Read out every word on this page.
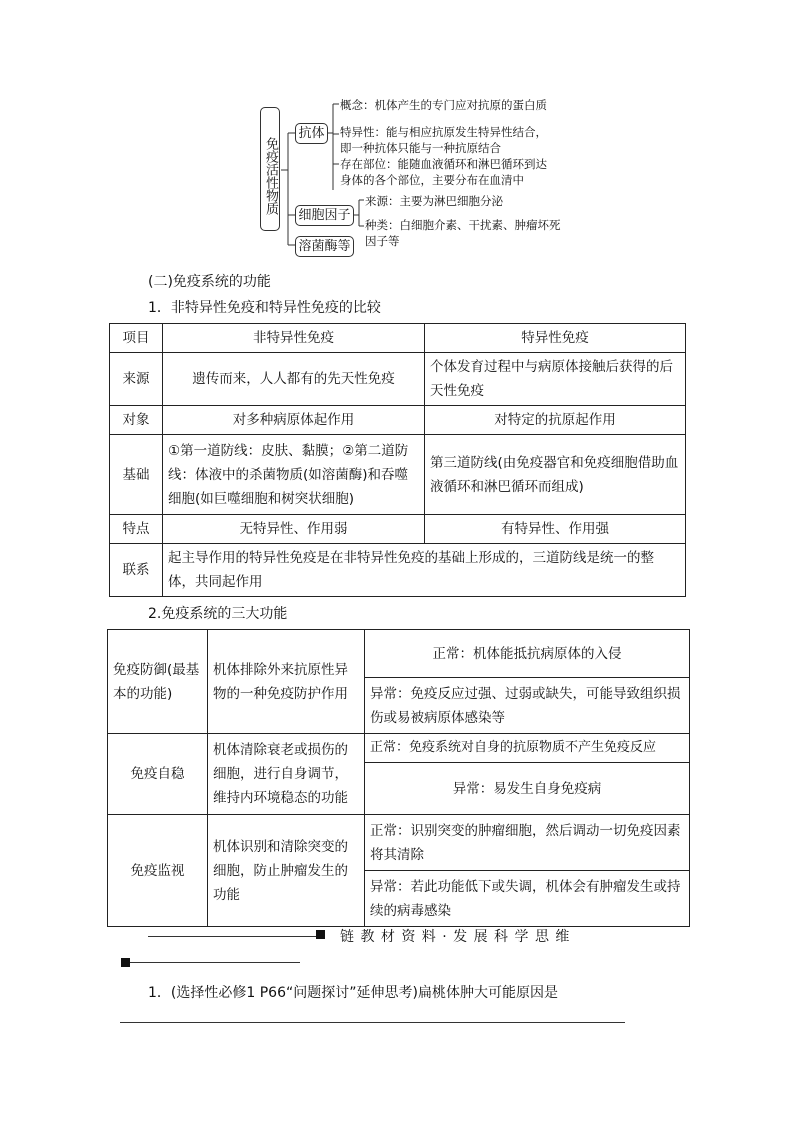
免疫活性物质
抗体
细胞因子
溶菌酶等
概念：机体产生的专门应对抗原的蛋白质
特异性：能与相应抗原发生特异性结合，
即一种抗体只能与一种抗原结合
存在部位：能随血液循环和淋巴循环到达
身体的各个部位，主要分布在血清中
来源：主要为淋巴细胞分泌
种类：白细胞介素、干扰素、肿瘤坏死
因子等
(二)免疫系统的功能
1．非特异性免疫和特异性免疫的比较
项目	非特异性免疫	特异性免疫
来源	遗传而来，人人都有的先天性免疫	个体发育过程中与病原体接触后获得的后天性免疫
对象	对多种病原体起作用	对特定的抗原起作用
基础	①第一道防线：皮肤、黏膜；②第二道防线：体液中的杀菌物质(如溶菌酶)和吞噬细胞(如巨噬细胞和树突状细胞)	第三道防线(由免疫器官和免疫细胞借助血液循环和淋巴循环而组成)
特点	无特异性、作用弱	有特异性、作用强
联系	起主导作用的特异性免疫是在非特异性免疫的基础上形成的，三道防线是统一的整体，共同起作用	
2.免疫系统的三大功能
免疫防御(最基本的功能)	机体排除外来抗原性异物的一种免疫防护作用	正常：机体能抵抗病原体的入侵
		异常：免疫反应过强、过弱或缺失，可能导致组织损伤或易被病原体感染等
免疫自稳	机体清除衰老或损伤的细胞，进行自身调节，维持内环境稳态的功能	正常：免疫系统对自身的抗原物质不产生免疫反应
		异常：易发生自身免疫病
免疫监视	机体识别和清除突变的细胞，防止肿瘤发生的功能	正常：识别突变的肿瘤细胞，然后调动一切免疫因素将其清除
		异常：若此功能低下或失调，机体会有肿瘤发生或持续的病毒感染
链 教 材 资 料 · 发 展 科 学 思 维
1．(选择性必修1 P66“问题探讨”延伸思考)扁桃体肿大可能原因是
